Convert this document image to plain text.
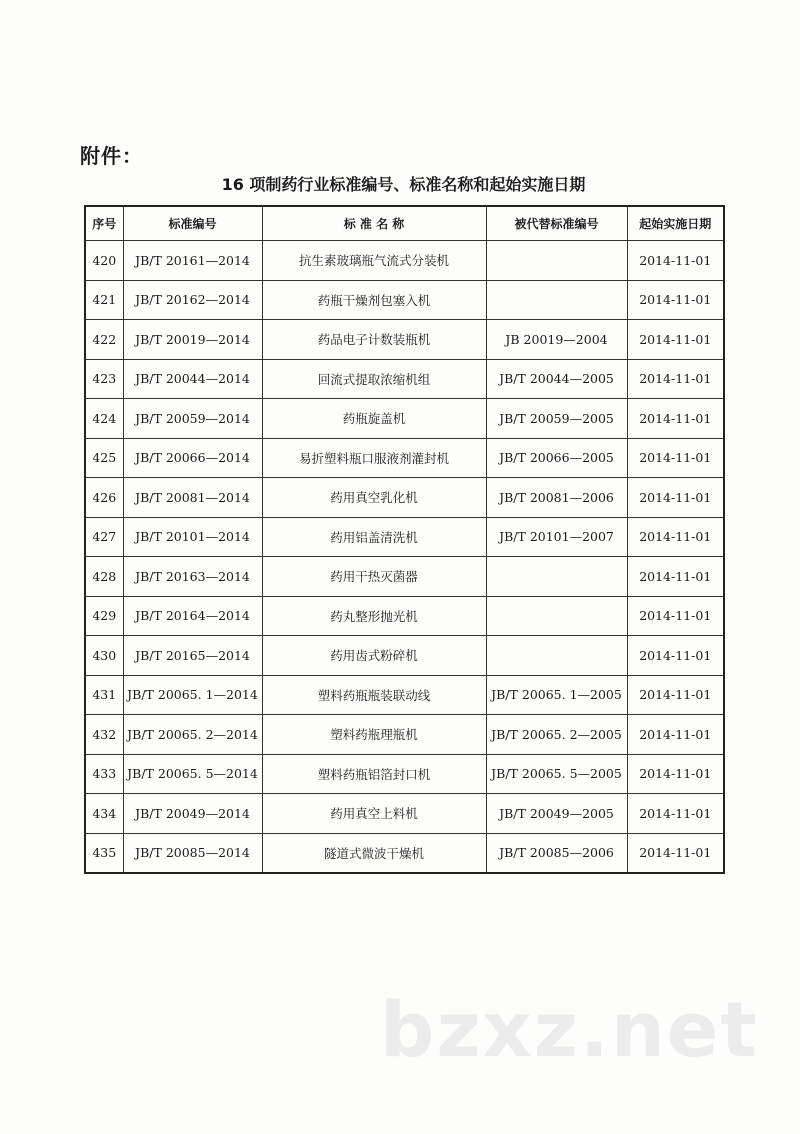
附件：
16 项制药行业标准编号、标准名称和起始实施日期
序号	标准编号	标 准 名 称	被代替标准编号	起始实施日期
420	JB/T 20161—2014	抗生素玻璃瓶气流式分装机		2014-11-01
421	JB/T 20162—2014	药瓶干燥剂包塞入机		2014-11-01
422	JB/T 20019—2014	药品电子计数装瓶机	JB 20019—2004	2014-11-01
423	JB/T 20044—2014	回流式提取浓缩机组	JB/T 20044—2005	2014-11-01
424	JB/T 20059—2014	药瓶旋盖机	JB/T 20059—2005	2014-11-01
425	JB/T 20066—2014	易折塑料瓶口服液剂灌封机	JB/T 20066—2005	2014-11-01
426	JB/T 20081—2014	药用真空乳化机	JB/T 20081—2006	2014-11-01
427	JB/T 20101—2014	药用铝盖清洗机	JB/T 20101—2007	2014-11-01
428	JB/T 20163—2014	药用干热灭菌器		2014-11-01
429	JB/T 20164—2014	药丸整形抛光机		2014-11-01
430	JB/T 20165—2014	药用齿式粉碎机		2014-11-01
431	JB/T 20065. 1—2014	塑料药瓶瓶装联动线	JB/T 20065. 1—2005	2014-11-01
432	JB/T 20065. 2—2014	塑料药瓶理瓶机	JB/T 20065. 2—2005	2014-11-01
433	JB/T 20065. 5—2014	塑料药瓶铝箔封口机	JB/T 20065. 5—2005	2014-11-01
434	JB/T 20049—2014	药用真空上料机	JB/T 20049—2005	2014-11-01
435	JB/T 20085—2014	隧道式微波干燥机	JB/T 20085—2006	2014-11-01
bzxz.net
